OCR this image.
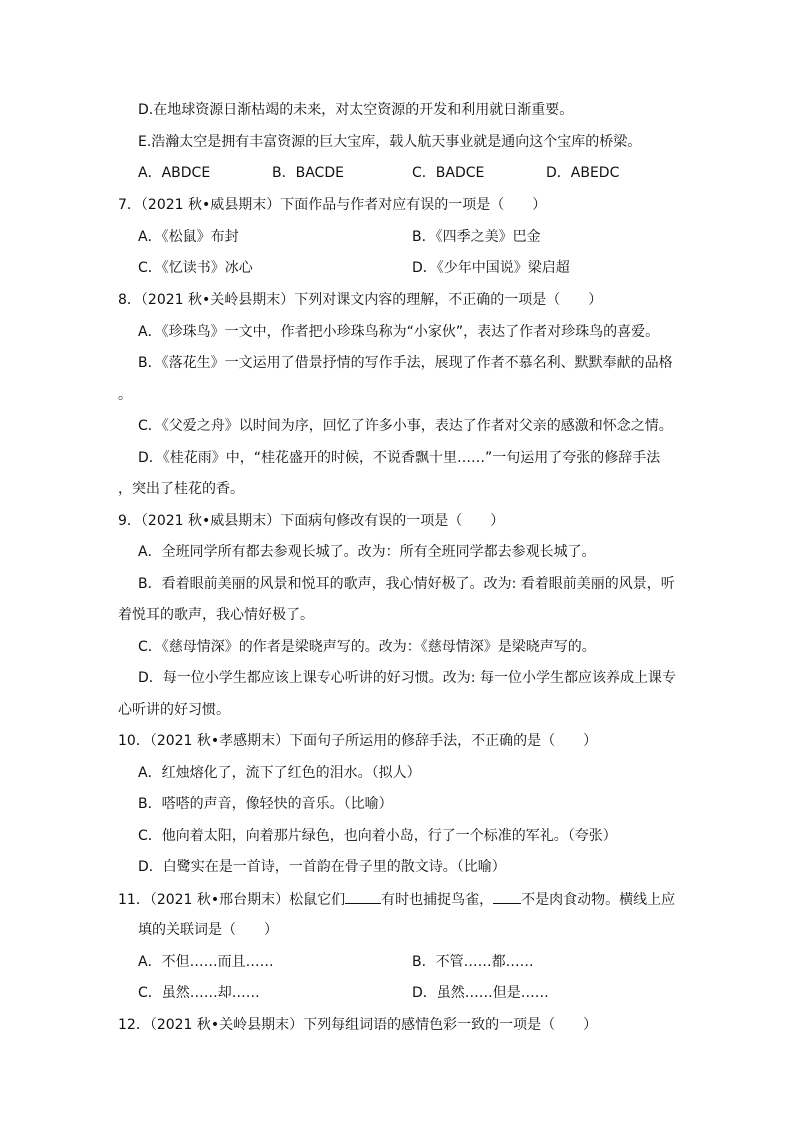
D.在地球资源日渐枯竭的未来，对太空资源的开发和利用就日渐重要。
E.浩瀚太空是拥有丰富资源的巨大宝库，载人航天事业就是通向这个宝库的桥梁。
A．ABDCE	B．BACDE	C．BADCE	D．ABEDC
7．（2021 秋•威县期末）下面作品与作者对应有误的一项是（　　）
A．《松鼠》布封	B．《四季之美》巴金
C．《忆读书》冰心	D．《少年中国说》梁启超
8．（2021 秋•关岭县期末）下列对课文内容的理解，不正确的一项是（　　）
A．《珍珠鸟》一文中，作者把小珍珠鸟称为“小家伙”，表达了作者对珍珠鸟的喜爱。
B．《落花生》一文运用了借景抒情的写作手法，展现了作者不慕名利、默默奉献的品格
。
C．《父爱之舟》以时间为序，回忆了许多小事，表达了作者对父亲的感激和怀念之情。
D．《桂花雨》中，“桂花盛开的时候，不说香飘十里……”一句运用了夸张的修辞手法
，突出了桂花的香。
9．（2021 秋•威县期末）下面病句修改有误的一项是（　　）
A．全班同学所有都去参观长城了。改为：所有全班同学都去参观长城了。
B．看着眼前美丽的风景和悦耳的歌声，我心情好极了。改为: 看着眼前美丽的风景，听
着悦耳的歌声，我心情好极了。
C．《慈母情深》的作者是梁晓声写的。改为：《慈母情深》是梁晓声写的。
D．每一位小学生都应该上课专心听讲的好习惯。改为: 每一位小学生都应该养成上课专
心听讲的好习惯。
10．（2021 秋•孝感期末）下面句子所运用的修辞手法，不正确的是（　　）
A．红烛熔化了，流下了红色的泪水。（拟人）
B．嗒嗒的声音，像轻快的音乐。（比喻）
C．他向着太阳，向着那片绿色，也向着小岛，行了一个标准的军礼。（夸张）
D．白鹭实在是一首诗，一首韵在骨子里的散文诗。（比喻）
11．（2021 秋•邢台期末）松鼠它们	有时也捕捉鸟雀， 不是肉食动物。横线上应
填的关联词是（　　）
A．不但……而且……	B．不管……都……
C．虽然……却……	D．虽然……但是……
12．（2021 秋•关岭县期末）下列每组词语的感情色彩一致的一项是（　　）
